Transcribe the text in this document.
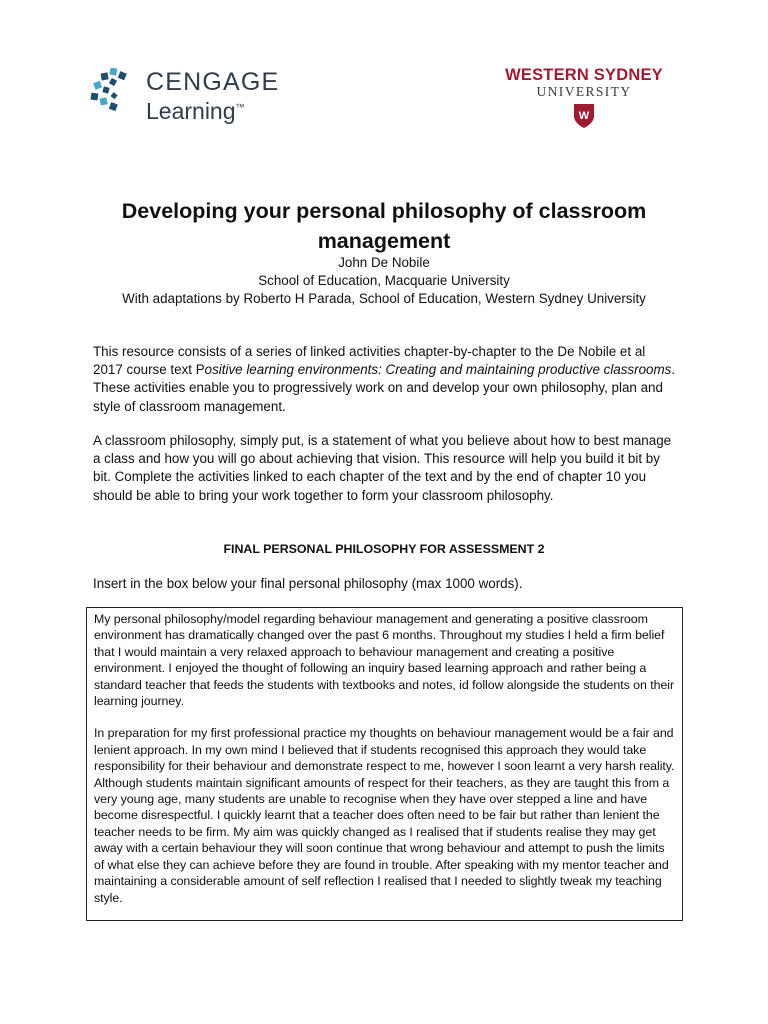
CENGAGE
Learning™
WESTERN SYDNEY
UNIVERSITY
W
Developing your personal philosophy of classroom management
John De Nobile
School of Education, Macquarie University
With adaptations by Roberto H Parada, School of Education, Western Sydney University

This resource consists of a series of linked activities chapter-by-chapter to the De Nobile et al 2017 course text Positive learning environments: Creating and maintaining productive classrooms. These activities enable you to progressively work on and develop your own philosophy, plan and style of classroom management.

A classroom philosophy, simply put, is a statement of what you believe about how to best manage a class and how you will go about achieving that vision. This resource will help you build it bit by bit. Complete the activities linked to each chapter of the text and by the end of chapter 10 you should be able to bring your work together to form your classroom philosophy.

FINAL PERSONAL PHILOSOPHY FOR ASSESSMENT 2

Insert in the box below your final personal philosophy (max 1000 words).

My personal philosophy/model regarding behaviour management and generating a positive classroom environment has dramatically changed over the past 6 months. Throughout my studies I held a firm belief that I would maintain a very relaxed approach to behaviour management and creating a positive environment. I enjoyed the thought of following an inquiry based learning approach and rather being a standard teacher that feeds the students with textbooks and notes, id follow alongside the students on their learning journey.

In preparation for my first professional practice my thoughts on behaviour management would be a fair and lenient approach. In my own mind I believed that if students recognised this approach they would take responsibility for their behaviour and demonstrate respect to me, however I soon learnt a very harsh reality. Although students maintain significant amounts of respect for their teachers, as they are taught this from a very young age, many students are unable to recognise when they have over stepped a line and have become disrespectful. I quickly learnt that a teacher does often need to be fair but rather than lenient the teacher needs to be firm. My aim was quickly changed as I realised that if students realise they may get away with a certain behaviour they will soon continue that wrong behaviour and attempt to push the limits of what else they can achieve before they are found in trouble. After speaking with my mentor teacher and maintaining a considerable amount of self reflection I realised that I needed to slightly tweak my teaching style.
